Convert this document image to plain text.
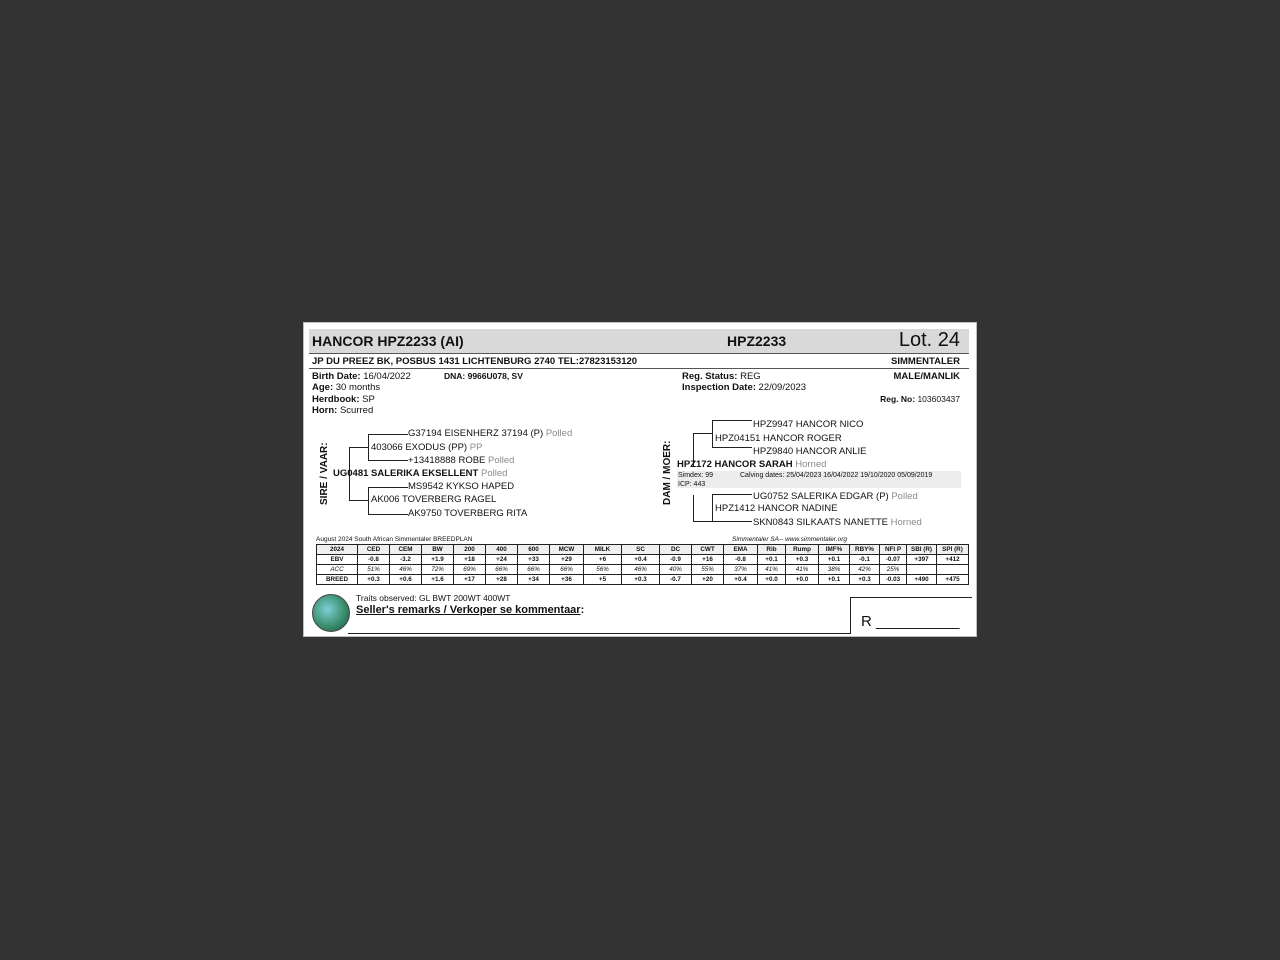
HANCOR HPZ2233 (AI)	HPZ2233	Lot. 24
JP DU PREEZ BK, POSBUS 1431 LICHTENBURG 2740 TEL:27823153120	SIMMENTALER
Birth Date: 16/04/2022
Age: 30 months
Herdbook: SP
Horn: Scurred
DNA: 9966U078, SV	Reg. Status: REG
Inspection Date: 22/09/2023
MALE/MANLIK
Reg. No: 103603437
SIRE / VAAR:
G37194 EISENHERZ 37194 (P) Polled
403066 EXODUS (PP) PP
+13418888 ROBE Polled
UG0481 SALERIKA EKSELLENT Polled
MS9542 KYKSO HAPED
AK006 TOVERBERG RAGEL
AK9750 TOVERBERG RITA
DAM / MOER:
HPZ9947 HANCOR NICO
HPZ04151 HANCOR ROGER
HPZ9840 HANCOR ANLIE
HPZ172 HANCOR SARAH Horned
Simdex: 99
ICP: 443
Calving dates: 25/04/2023 16/04/2022 19/10/2020 05/09/2019
UG0752 SALERIKA EDGAR (P) Polled
HPZ1412 HANCOR NADINE
SKN0843 SILKAATS NANETTE Horned
August 2024 South African Simmentaler BREEDPLAN	Simmentaler SA-- www.simmentaler.org
2024	CED	CEM	BW	200	400	600	MCW	MILK	SC	DC	CWT	EMA	Rib	Rump	IMF%	RBY%	NFI P	SBI (R)	SPI (R)
EBV	-0.8	-3.2	+1.9	+18	+24	+33	+29	+6	+0.4	-0.9	+16	-0.8	+0.1	+0.3	+0.1	-0.1	-0.07	+397	+412
ACC	51%	46%	72%	69%	66%	66%	66%	56%	46%	40%	55%	37%	41%	41%	38%	42%	25%		
BREED	+0.3	+0.6	+1.6	+17	+28	+34	+36	+5	+0.3	-0.7	+20	+0.4	+0.0	+0.0	+0.1	+0.3	-0.03	+490	+475
Traits observed: GL BWT 200WT 400WT
Seller's remarks / Verkoper se kommentaar:
R __________
